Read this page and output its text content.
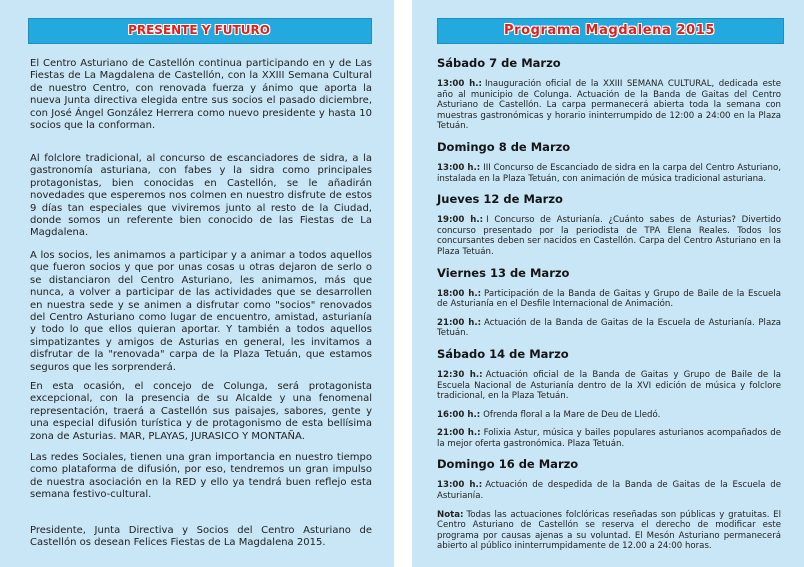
PRESENTE Y FUTURO	Programa Magdalena 2015
El Centro Asturiano de Castellón continua participando en y de Las Fiestas de La Magdalena de Castellón, con la XXIII Semana Cultural de nuestro Centro, con renovada fuerza y ánimo que aporta la nueva Junta directiva elegida entre sus socios el pasado diciembre, con José Ángel González Herrera como nuevo presidente y hasta 10 socios que la conforman.
Al folclore tradicional, al concurso de escanciadores de sidra, a la gastronomía asturiana, con fabes y la sidra como principales protagonistas, bien conocidas en Castellón, se le añadirán novedades que esperemos nos colmen en nuestro disfrute de estos 9 días tan especiales que viviremos junto al resto de la Ciudad, donde somos un referente bien conocido de las Fiestas de La Magdalena.
A los socios, les animamos a participar y a animar a todos aquellos que fueron socios y que por unas cosas u otras dejaron de serlo o se distanciaron del Centro Asturiano, les animamos, más que nunca, a volver a participar de las actividades que se desarrollen en nuestra sede y se animen a disfrutar como "socios" renovados del Centro Asturiano como lugar de encuentro, amistad, asturianía y todo lo que ellos quieran aportar. Y también a todos aquellos simpatizantes y amigos de Asturias en general, les invitamos a disfrutar de la "renovada" carpa de la Plaza Tetuán, que estamos seguros que les sorprenderá.
En esta ocasión, el concejo de Colunga, será protagonista excepcional, con la presencia de su Alcalde y una fenomenal representación, traerá a Castellón sus paisajes, sabores, gente y una especial difusión turística y de protagonismo de esta bellísima zona de Asturias. MAR, PLAYAS, JURASICO Y MONTAÑA.
Las redes Sociales, tienen una gran importancia en nuestro tiempo como plataforma de difusión, por eso, tendremos un gran impulso de nuestra asociación en la RED y ello ya tendrá buen reflejo esta semana festivo-cultural.
Presidente, Junta Directiva y Socios del Centro Asturiano de Castellón os desean Felices Fiestas de La Magdalena 2015.
Sábado 7 de Marzo
13:00 h.: Inauguración oficial de la XXIII SEMANA CULTURAL, dedicada este año al municipio de Colunga. Actuación de la Banda de Gaitas del Centro Asturiano de Castellón. La carpa permanecerá abierta toda la semana con muestras gastronómicas y horario ininterrumpido de 12:00 a 24:00 en la Plaza Tetuán.
Domingo 8 de Marzo
13:00 h.: III Concurso de Escanciado de sidra en la carpa del Centro Asturiano, instalada en la Plaza Tetuán, con animación de música tradicional asturiana.
Jueves 12 de Marzo
19:00 h.: I Concurso de Asturianía. ¿Cuánto sabes de Asturias? Divertido concurso presentado por la periodista de TPA Elena Reales. Todos los concursantes deben ser nacidos en Castellón. Carpa del Centro Asturiano en la Plaza Tetuán.
Viernes 13 de Marzo
18:00 h.: Participación de la Banda de Gaitas y Grupo de Baile de la Escuela de Asturianía en el Desfile Internacional de Animación.
21:00 h.: Actuación de la Banda de Gaitas de la Escuela de Asturianía. Plaza Tetuán.
Sábado 14 de Marzo
12:30 h.: Actuación oficial de la Banda de Gaitas y Grupo de Baile de la Escuela Nacional de Asturianía dentro de la XVI edición de música y folclore tradicional, en la Plaza Tetuán.
16:00 h.: Ofrenda floral a la Mare de Deu de Lledó.
21:00 h.: Folixia Astur, música y bailes populares asturianos acompañados de la mejor oferta gastronómica. Plaza Tetuán.
Domingo 16 de Marzo
13:00 h.: Actuación de despedida de la Banda de Gaitas de la Escuela de Asturianía.
Nota: Todas las actuaciones folclóricas reseñadas son públicas y gratuitas. El Centro Asturiano de Castellón se reserva el derecho de modificar este programa por causas ajenas a su voluntad. El Mesón Asturiano permanecerá abierto al público ininterrumpidamente de 12.00 a 24:00 horas.
